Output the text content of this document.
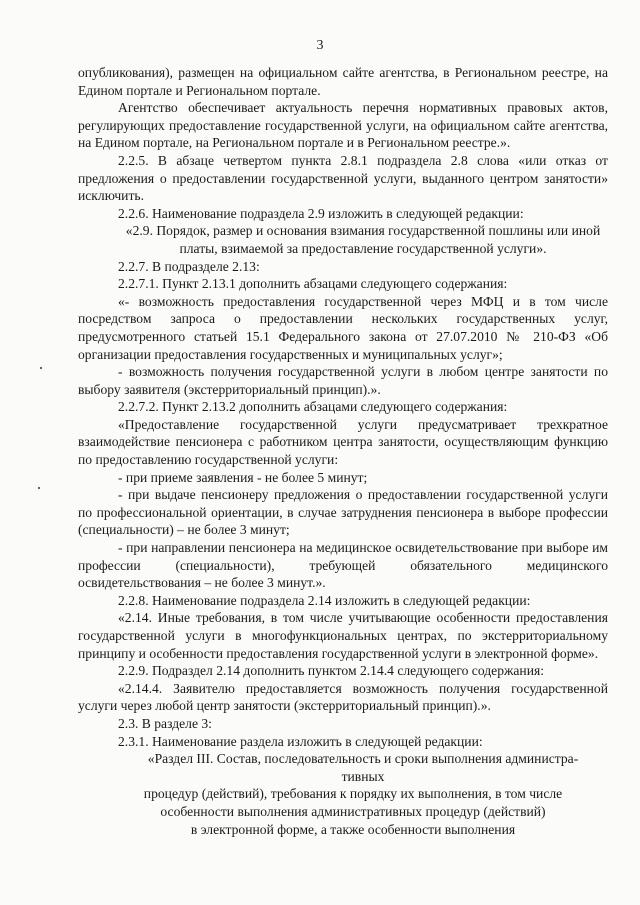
3

опубликования), размещен на официальном сайте агентства, в Региональном реестре, на Едином портале и Региональном портале.

Агентство обеспечивает актуальность перечня нормативных правовых актов, регулирующих предоставление государственной услуги, на официальном сайте агентства, на Едином портале, на Региональном портале и в Региональном реестре.».

2.2.5. В абзаце четвертом пункта 2.8.1 подраздела 2.8 слова «или отказ от предложения о предоставлении государственной услуги, выданного центром занятости» исключить.

2.2.6. Наименование подраздела 2.9 изложить в следующей редакции:

«2.9. Порядок, размер и основания взимания государственной пошлины или иной платы, взимаемой за предоставление государственной услуги».

2.2.7. В подразделе 2.13:

2.2.7.1. Пункт 2.13.1 дополнить абзацами следующего содержания:

«- возможность предоставления государственной через МФЦ и в том числе посредством запроса о предоставлении нескольких государственных услуг, предусмотренного статьей 15.1 Федерального закона от 27.07.2010 № 210-ФЗ «Об организации предоставления государственных и муниципальных услуг»;

- возможность получения государственной услуги в любом центре занятости по выбору заявителя (экстерриториальный принцип).».

2.2.7.2. Пункт 2.13.2 дополнить абзацами следующего содержания:

«Предоставление государственной услуги предусматривает трехкратное взаимодействие пенсионера с работником центра занятости, осуществляющим функцию по предоставлению государственной услуги:

- при приеме заявления - не более 5 минут;

- при выдаче пенсионеру предложения о предоставлении государственной услуги по профессиональной ориентации, в случае затруднения пенсионера в выборе профессии (специальности) – не более 3 минут;

- при направлении пенсионера на медицинское освидетельствование при выборе им профессии (специальности), требующей обязательного медицинского освидетельствования – не более 3 минут.».

2.2.8. Наименование подраздела 2.14 изложить в следующей редакции:

«2.14. Иные требования, в том числе учитывающие особенности предоставления государственной услуги в многофункциональных центрах, по экстерриториальному принципу и особенности предоставления государственной услуги в электронной форме».

2.2.9. Подраздел 2.14 дополнить пунктом 2.14.4 следующего содержания:

«2.14.4. Заявителю предоставляется возможность получения государственной услуги через любой центр занятости (экстерриториальный принцип).».

2.3. В разделе 3:

2.3.1. Наименование раздела изложить в следующей редакции:

«Раздел III. Состав, последовательность и сроки выполнения администра-

тивных

процедур (действий), требования к порядку их выполнения, в том числе

особенности выполнения административных процедур (действий)

в электронной форме, а также особенности выполнения
